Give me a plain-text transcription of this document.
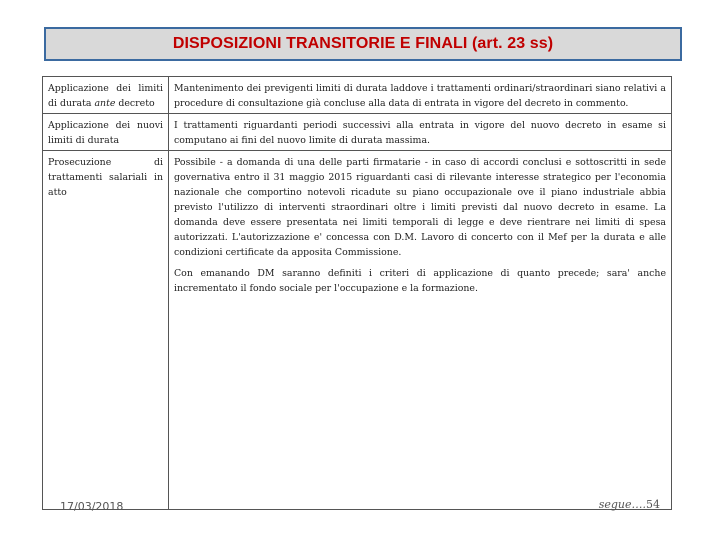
DISPOSIZIONI TRANSITORIE E FINALI (art. 23 ss)
Applicazione dei limiti di durata ante decreto	Mantenimento dei previgenti limiti di durata laddove i trattamenti ordinari/straordinari siano relativi a procedure di consultazione già concluse alla data di entrata in vigore del decreto in commento.

Applicazione dei nuovi limiti di durata	I trattamenti riguardanti periodi successivi alla entrata in vigore del nuovo decreto in esame si computano ai fini del nuovo limite di durata massima.

Prosecuzione di trattamenti salariali in atto	Possibile - a domanda di una delle parti firmatarie - in caso di accordi conclusi e sottoscritti in sede governativa entro il 31 maggio 2015 riguardanti casi di rilevante interesse strategico per l'economia nazionale che comportino notevoli ricadute su piano occupazionale ove il piano industriale abbia previsto l'utilizzo di interventi straordinari oltre i limiti previsti dal nuovo decreto in esame. La domanda deve essere presentata nei limiti temporali di legge e deve rientrare nei limiti di spesa autorizzati. L'autorizzazione e' concessa con D.M. Lavoro di concerto con il Mef per la durata e alle condizioni certificate da apposita Commissione.

Con emanando DM saranno definiti i criteri di applicazione di quanto precede; sara' anche incrementato il fondo sociale per l'occupazione e la formazione.

17/03/2018	segue….54
